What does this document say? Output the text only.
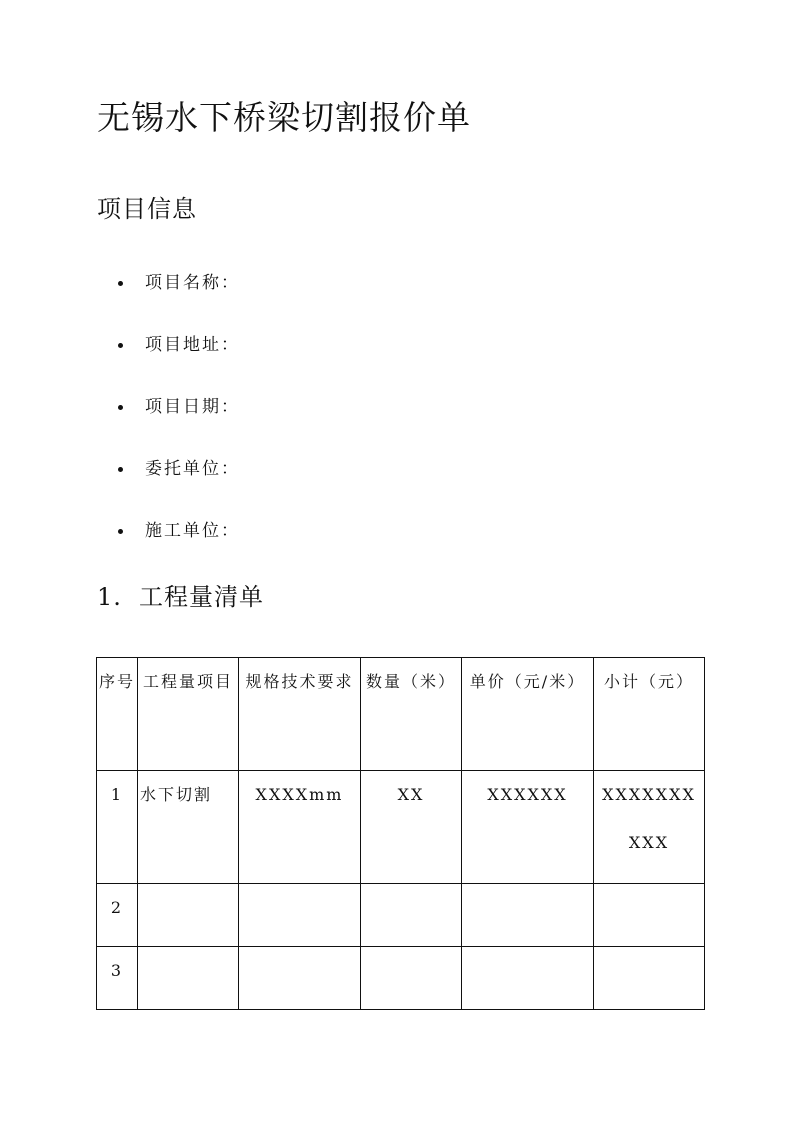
无锡水下桥梁切割报价单
项目信息
项目名称：
项目地址：
项目日期：
委托单位：
施工单位：
1. 工程量清单
序号	工程量项目	规格技术要求	数量（米）	单价（元/米）	小计（元）
1	水下切割	XXXXmm	XX	XXXXXX	XXXXXXXXXX
2					
3					
